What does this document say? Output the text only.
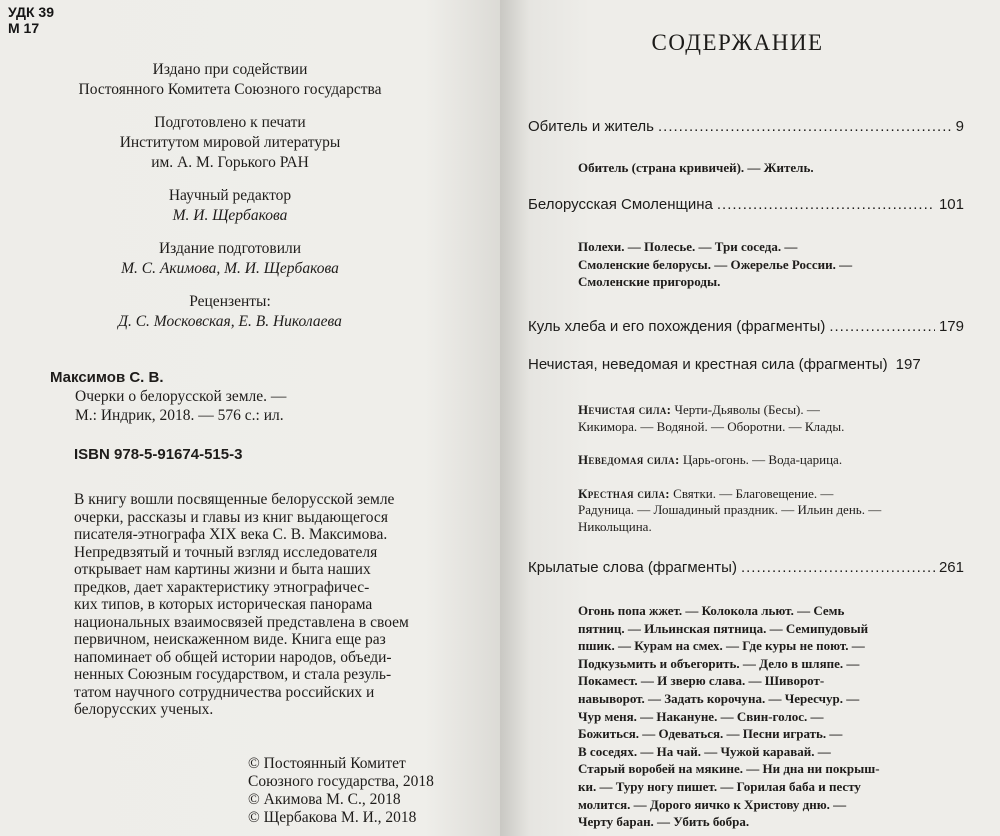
УДК 39
М 17
Издано при содействии
Постоянного Комитета Союзного государства
Подготовлено к печати
Институтом мировой литературы
им. А. М. Горького РАН
Научный редактор
М. И. Щербакова
Издание подготовили
М. С. Акимова, М. И. Щербакова
Рецензенты:
Д. С. Московская, Е. В. Николаева
Максимов С. В.
Очерки о белорусской земле. —
М.: Индрик, 2018. — 576 с.: ил.
ISBN 978-5-91674-515-3
В книгу вошли посвященные белорусской земле
очерки, рассказы и главы из книг выдающегося
писателя-этнографа XIX века С. В. Максимова.
Непредвзятый и точный взгляд исследователя
открывает нам картины жизни и быта наших
предков, дает характеристику этнографичес-
ких типов, в которых историческая панорама
национальных взаимосвязей представлена в своем
первичном, неискаженном виде. Книга еще раз
напоминает об общей истории народов, объеди-
ненных Союзным государством, и стала резуль-
татом научного сотрудничества российских и
белорусских ученых.
© Постоянный Комитет
Союзного государства, 2018
© Акимова М. С., 2018
© Щербакова М. И., 2018
СОДЕРЖАНИЕ
Обитель и житель .....	9
Обитель (страна кривичей). — Житель.
Белорусская Смоленщина .....	101
Полехи. — Полесье. — Три соседа. —
Смоленские белорусы. — Ожерелье России. —
Смоленские пригороды.
Куль хлеба и его похождения (фрагменты) .....	179
Нечистая, неведомая и крестная сила (фрагменты) 197
Нечистая сила: Черти-Дьяволы (Бесы). —
Кикимора. — Водяной. — Оборотни. — Клады.
Неведомая сила: Царь-огонь. — Вода-царица.
Крестная сила: Святки. — Благовещение. —
Радуница. — Лошадиный праздник. — Ильин день. —
Никольщина.
Крылатые слова (фрагменты) .....	261
Огонь попа жжет. — Колокола льют. — Семь
пятниц. — Ильинская пятница. — Семипудовый
пшик. — Курам на смех. — Где куры не поют. —
Подкузьмить и объегорить. — Дело в шляпе. —
Покамест. — И зверю слава. — Шиворот-
навыворот. — Задать корочуна. — Чересчур. —
Чур меня. — Накануне. — Свин-голос. —
Божиться. — Одеваться. — Песни играть. —
В соседях. — На чай. — Чужой каравай. —
Старый воробей на мякине. — Ни дна ни покрыш-
ки. — Туру ногу пишет. — Горилая баба и песту
молится. — Дорого яичко к Христову дню. —
Черту баран. — Убить бобра.
